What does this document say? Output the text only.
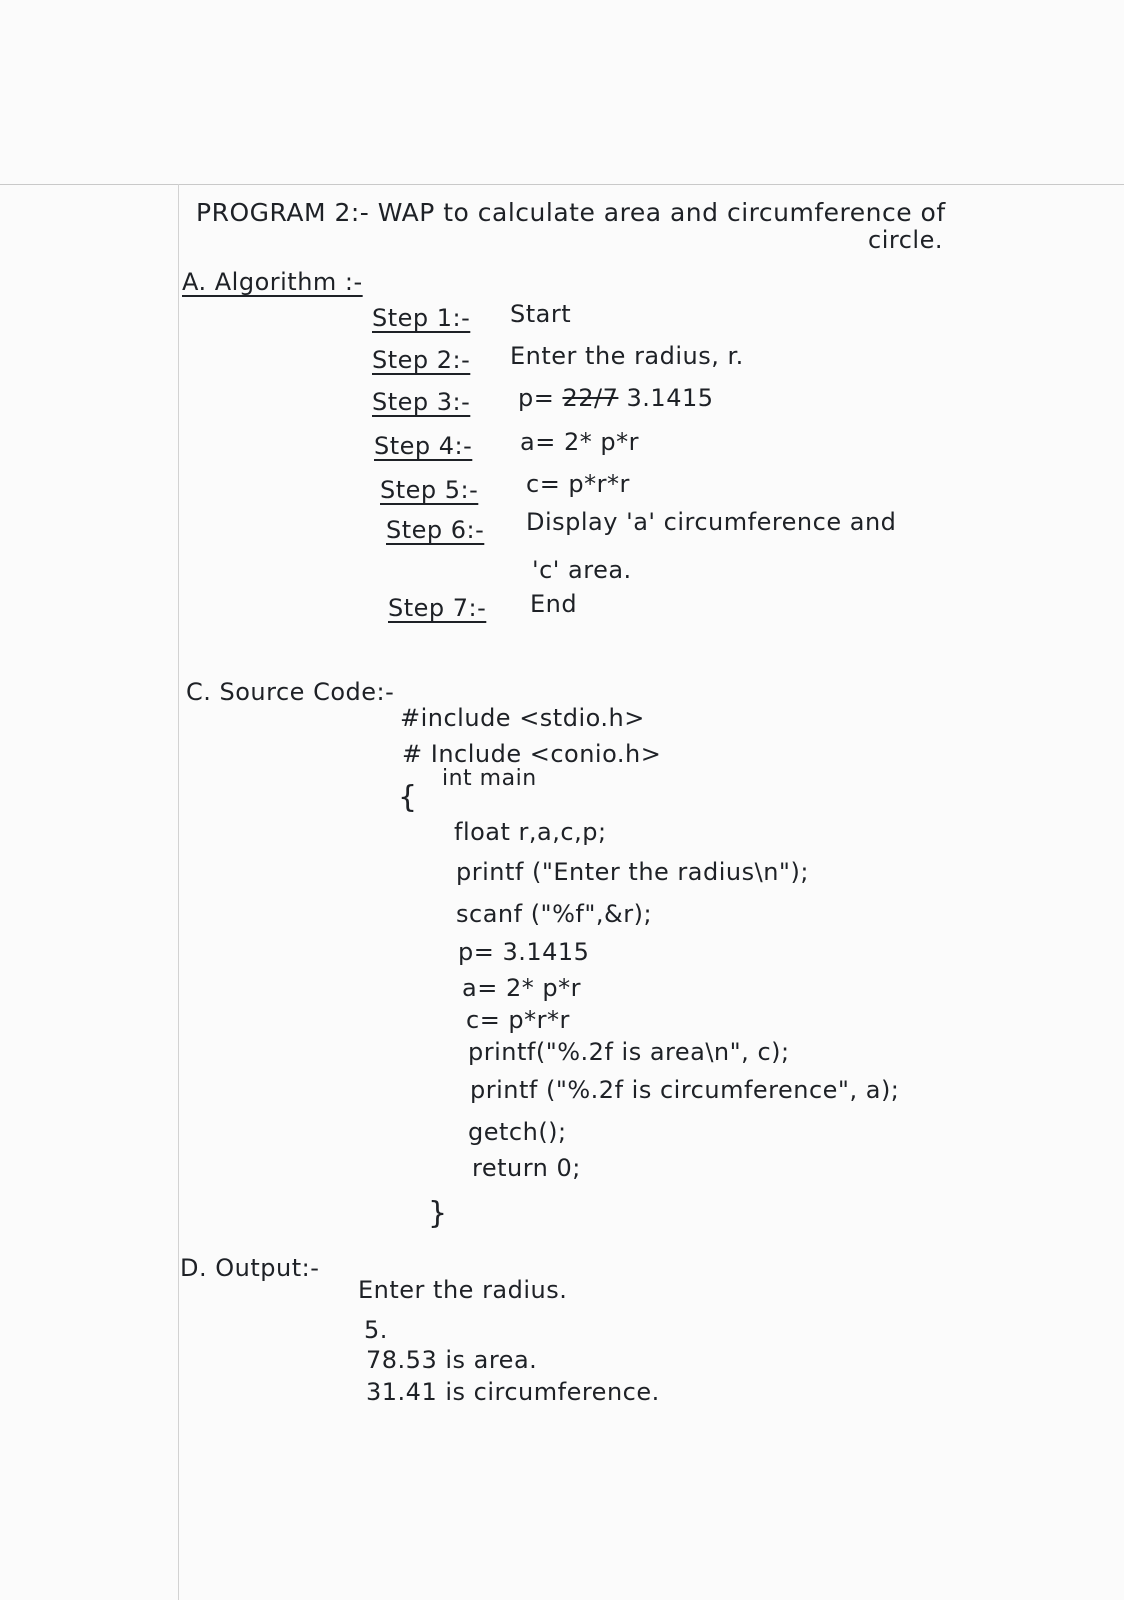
PROGRAM 2:- WAP to calculate area and circumference of
circle.
A. Algorithm :-
Step 1:- Start
Step 2:- Enter the radius, r.
Step 3:- p= 22/7 3.1415
Step 4:- a= 2* p*r
Step 5:- c= p*r*r
Step 6:- Display 'a' circumference and
'c' area.
Step 7:- End
C. Source Code:-
#include <stdio.h>
# Include <conio.h>
int main
{
float r,a,c,p;
printf ("Enter the radius\n");
scanf ("%f",&r);
p= 3.1415
a= 2* p*r
c= p*r*r
printf("%.2f is area\n", c);
printf ("%.2f is circumference", a);
getch();
return 0;
}
D. Output:-
Enter the radius.
5.
78.53 is area.
31.41 is circumference.
